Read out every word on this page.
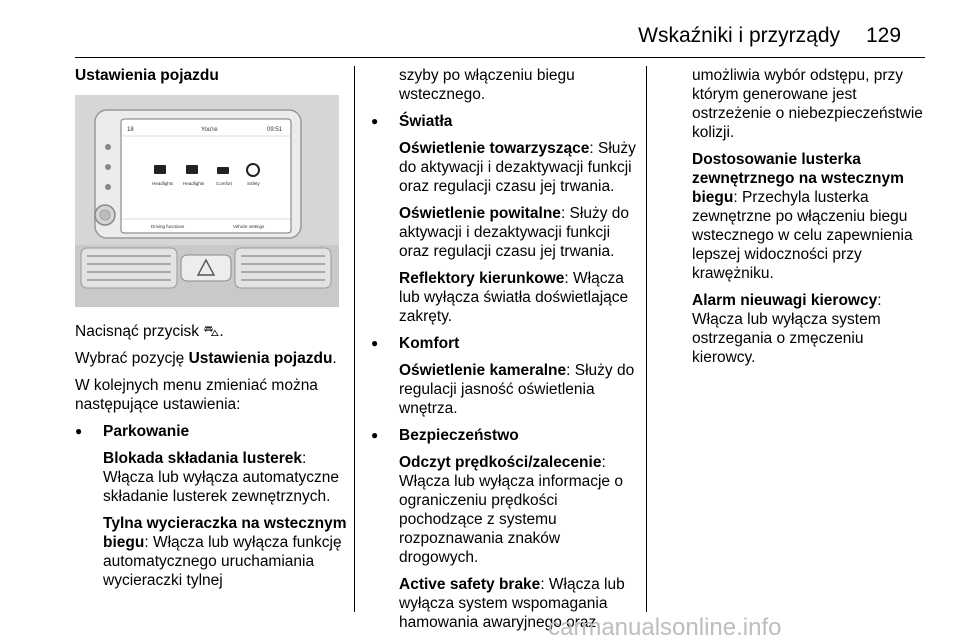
Wskaźniki i przyrządy 129

Ustawienia pojazdu

18	You're	09:51
Headlights Headlights	Comfort	Safety
Driving functions	Vehicle settings

Nacisnąć przycisk ⛍.

Wybrać pozycję Ustawienia pojazdu.

W kolejnych menu zmieniać można następujące ustawienia:

● Parkowanie

Blokada składania lusterek: Włącza lub wyłącza automatyczne składanie lusterek zewnętrznych.

Tylna wycieraczka na wstecznym biegu: Włącza lub wyłącza funkcję automatycznego uruchamiania wycieraczki tylnej

szyby po włączeniu biegu wstecznego.

● Światła

Oświetlenie towarzyszące: Służy do aktywacji i dezaktywacji funkcji oraz regulacji czasu jej trwania.

Oświetlenie powitalne: Służy do aktywacji i dezaktywacji funkcji oraz regulacji czasu jej trwania.

Reflektory kierunkowe: Włącza lub wyłącza światła doświetlające zakręty.

● Komfort

Oświetlenie kameralne: Służy do regulacji jasność oświetlenia wnętrza.

● Bezpieczeństwo

Odczyt prędkości/zalecenie: Włącza lub wyłącza informacje o ograniczeniu prędkości pochodzące z systemu rozpoznawania znaków drogowych.

Active safety brake: Włącza lub wyłącza system wspomagania hamowania awaryjnego oraz

umożliwia wybór odstępu, przy którym generowane jest ostrzeżenie o niebezpieczeństwie kolizji.

Dostosowanie lusterka zewnętrznego na wstecznym biegu: Przechyla lusterka zewnętrzne po włączeniu biegu wstecznego w celu zapewnienia lepszej widoczności przy krawężniku.

Alarm nieuwagi kierowcy: Włącza lub wyłącza system ostrzegania o zmęczeniu kierowcy.

carmanualsonline.info
